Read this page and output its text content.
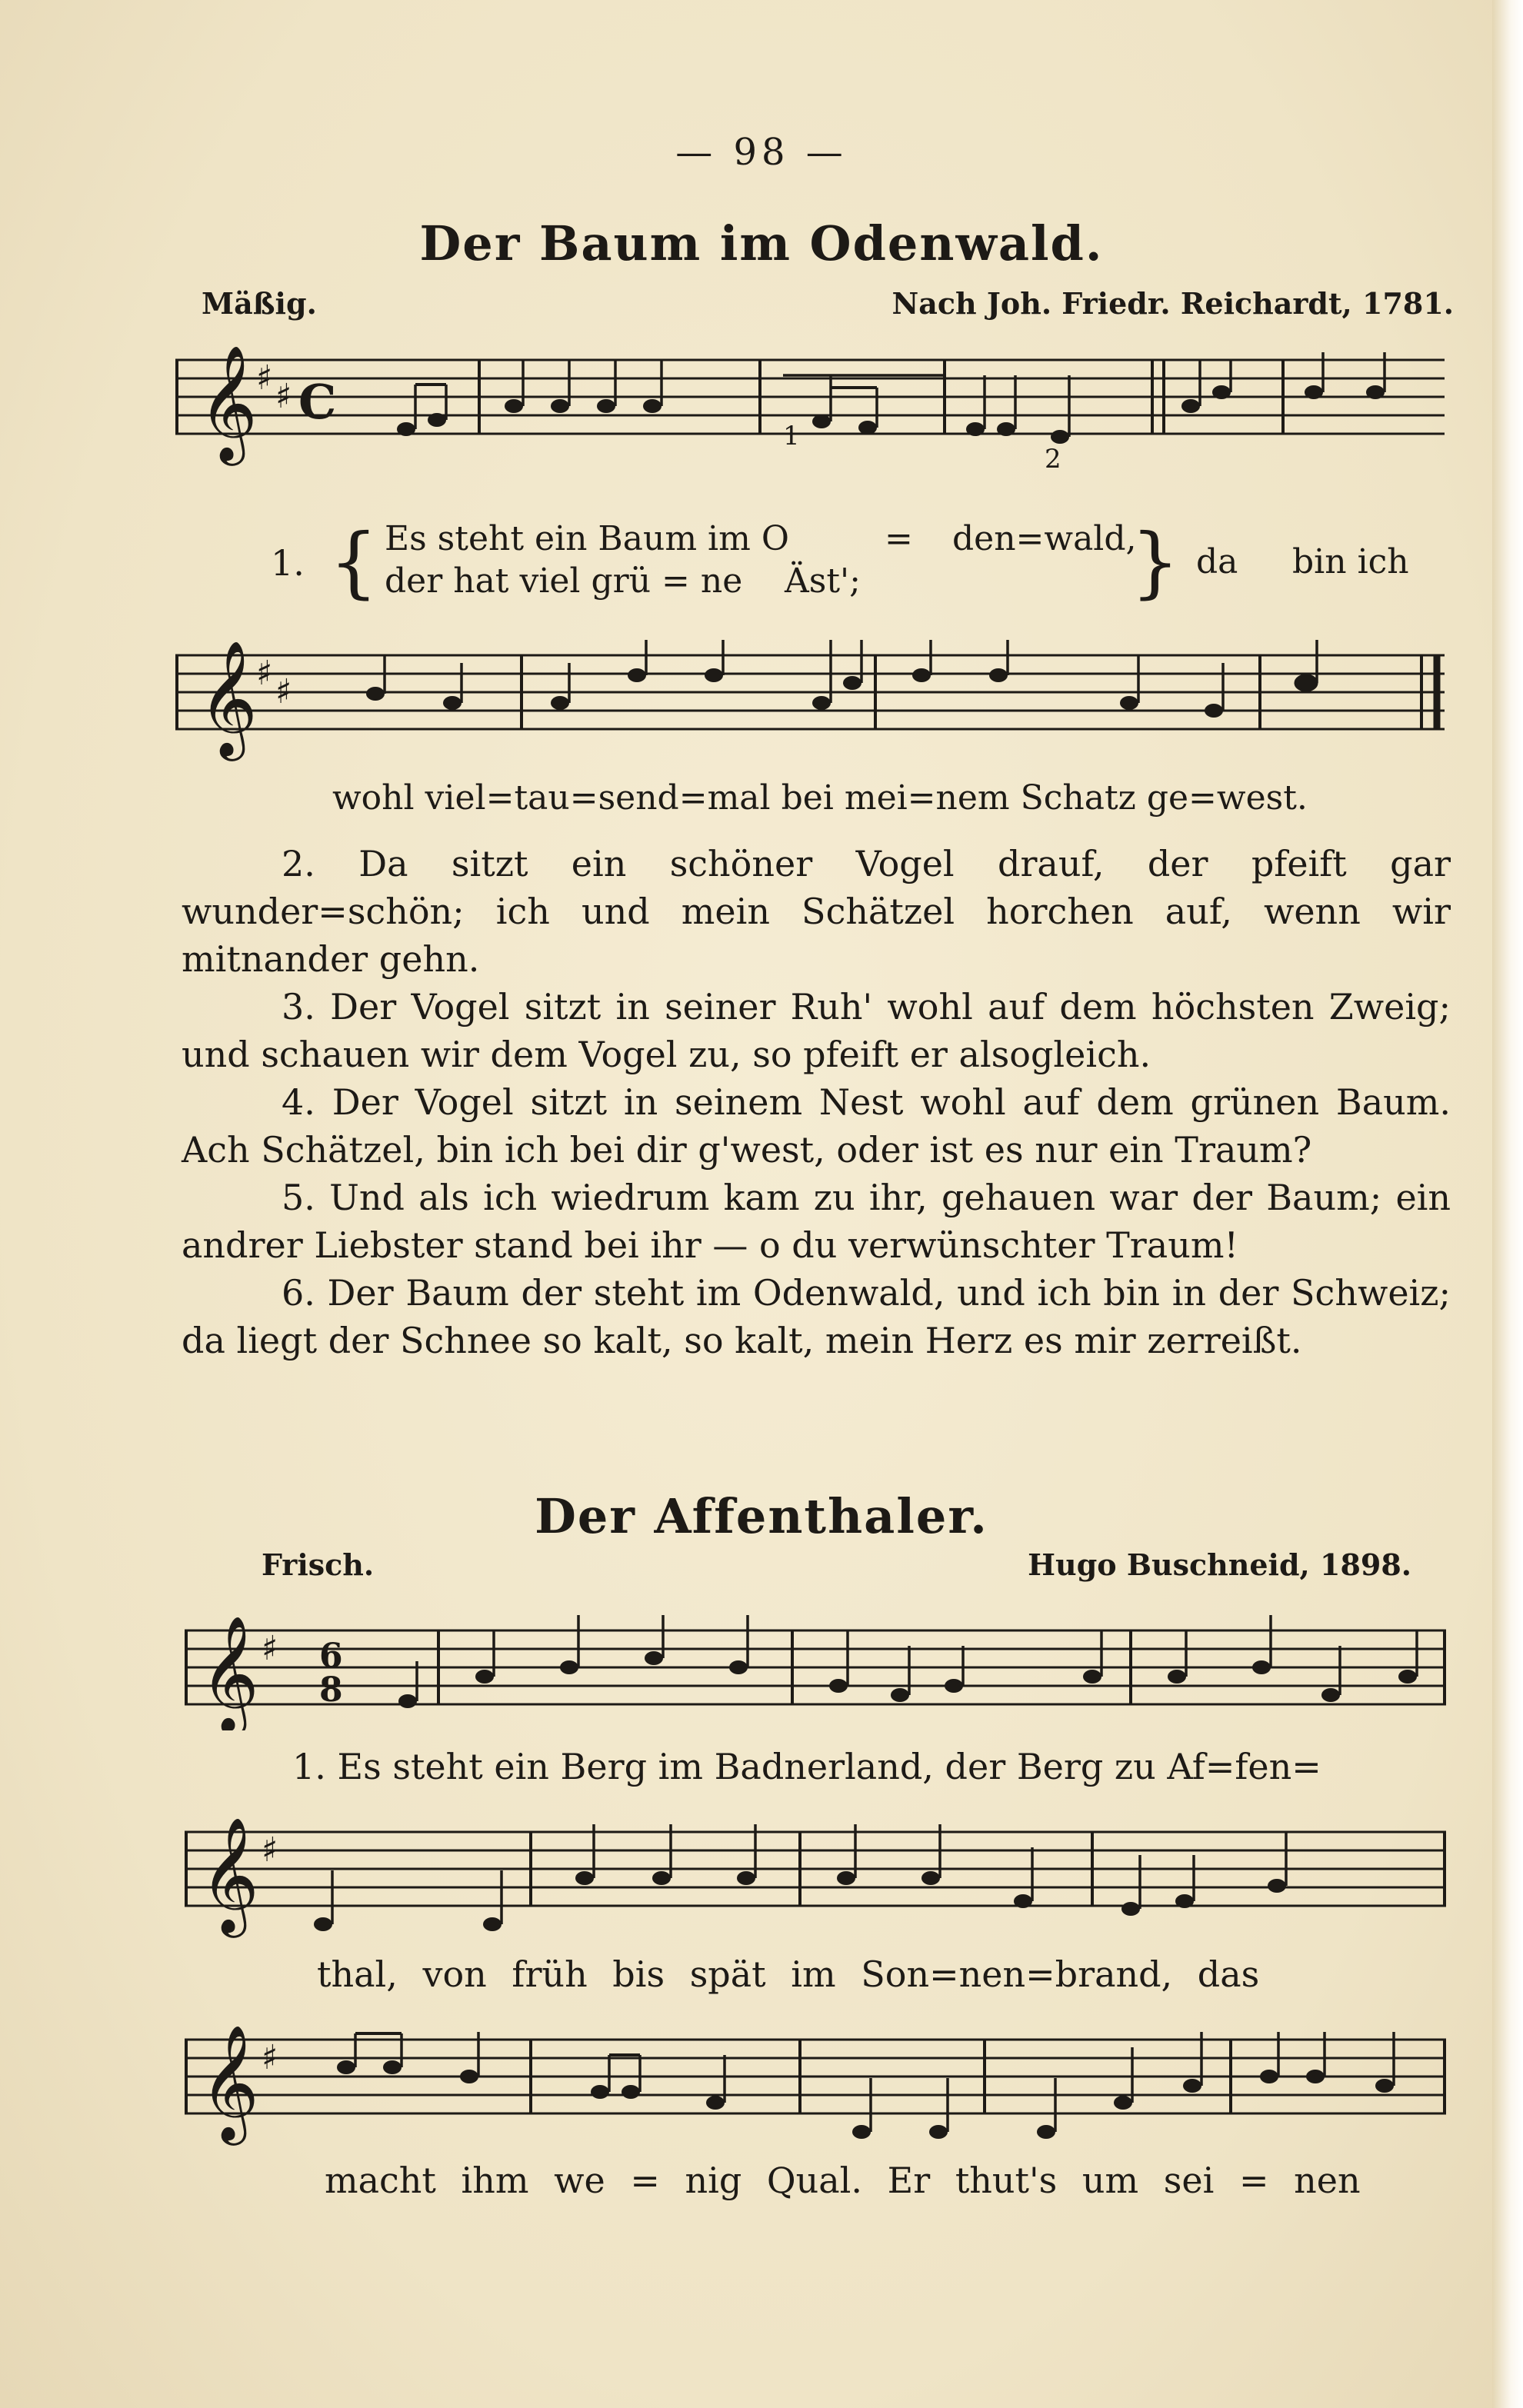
— 98 —
Der Baum im Odenwald.
Mäßig.	Nach Joh. Friedr. Reichardt, 1781.
𝄞
♯ ♯ C
1
2
1. { Es steht ein Baum im O	= den=wald,
der hat viel grü = ne Äst';	} da bin ich
𝄞
♯ ♯
wohl viel=tau=send=mal bei mei=nem Schatz ge=west.

2. Da sitzt ein schöner Vogel drauf, der pfeift gar wunder=schön; ich und mein Schätzel horchen auf, wenn wir mitnander gehn.

3. Der Vogel sitzt in seiner Ruh' wohl auf dem höchsten Zweig; und schauen wir dem Vogel zu, so pfeift er alsogleich.

4. Der Vogel sitzt in seinem Nest wohl auf dem grünen Baum. Ach Schätzel, bin ich bei dir g'west, oder ist es nur ein Traum?

5. Und als ich wiedrum kam zu ihr, gehauen war der Baum; ein andrer Liebster stand bei ihr — o du verwünschter Traum!

6. Der Baum der steht im Odenwald, und ich bin in der Schweiz; da liegt der Schnee so kalt, so kalt, mein Herz es mir zerreißt.

Der Affenthaler.
Frisch.	Hugo Buschneid, 1898.
𝄞 ♯ 6
8
1. Es steht ein Berg im Badnerland, der Berg zu Af=fen=
𝄞 ♯
thal, von früh bis spät im Son=nen=brand, das
𝄞 ♯
macht ihm we = nig Qual. Er thut's um sei = nen
